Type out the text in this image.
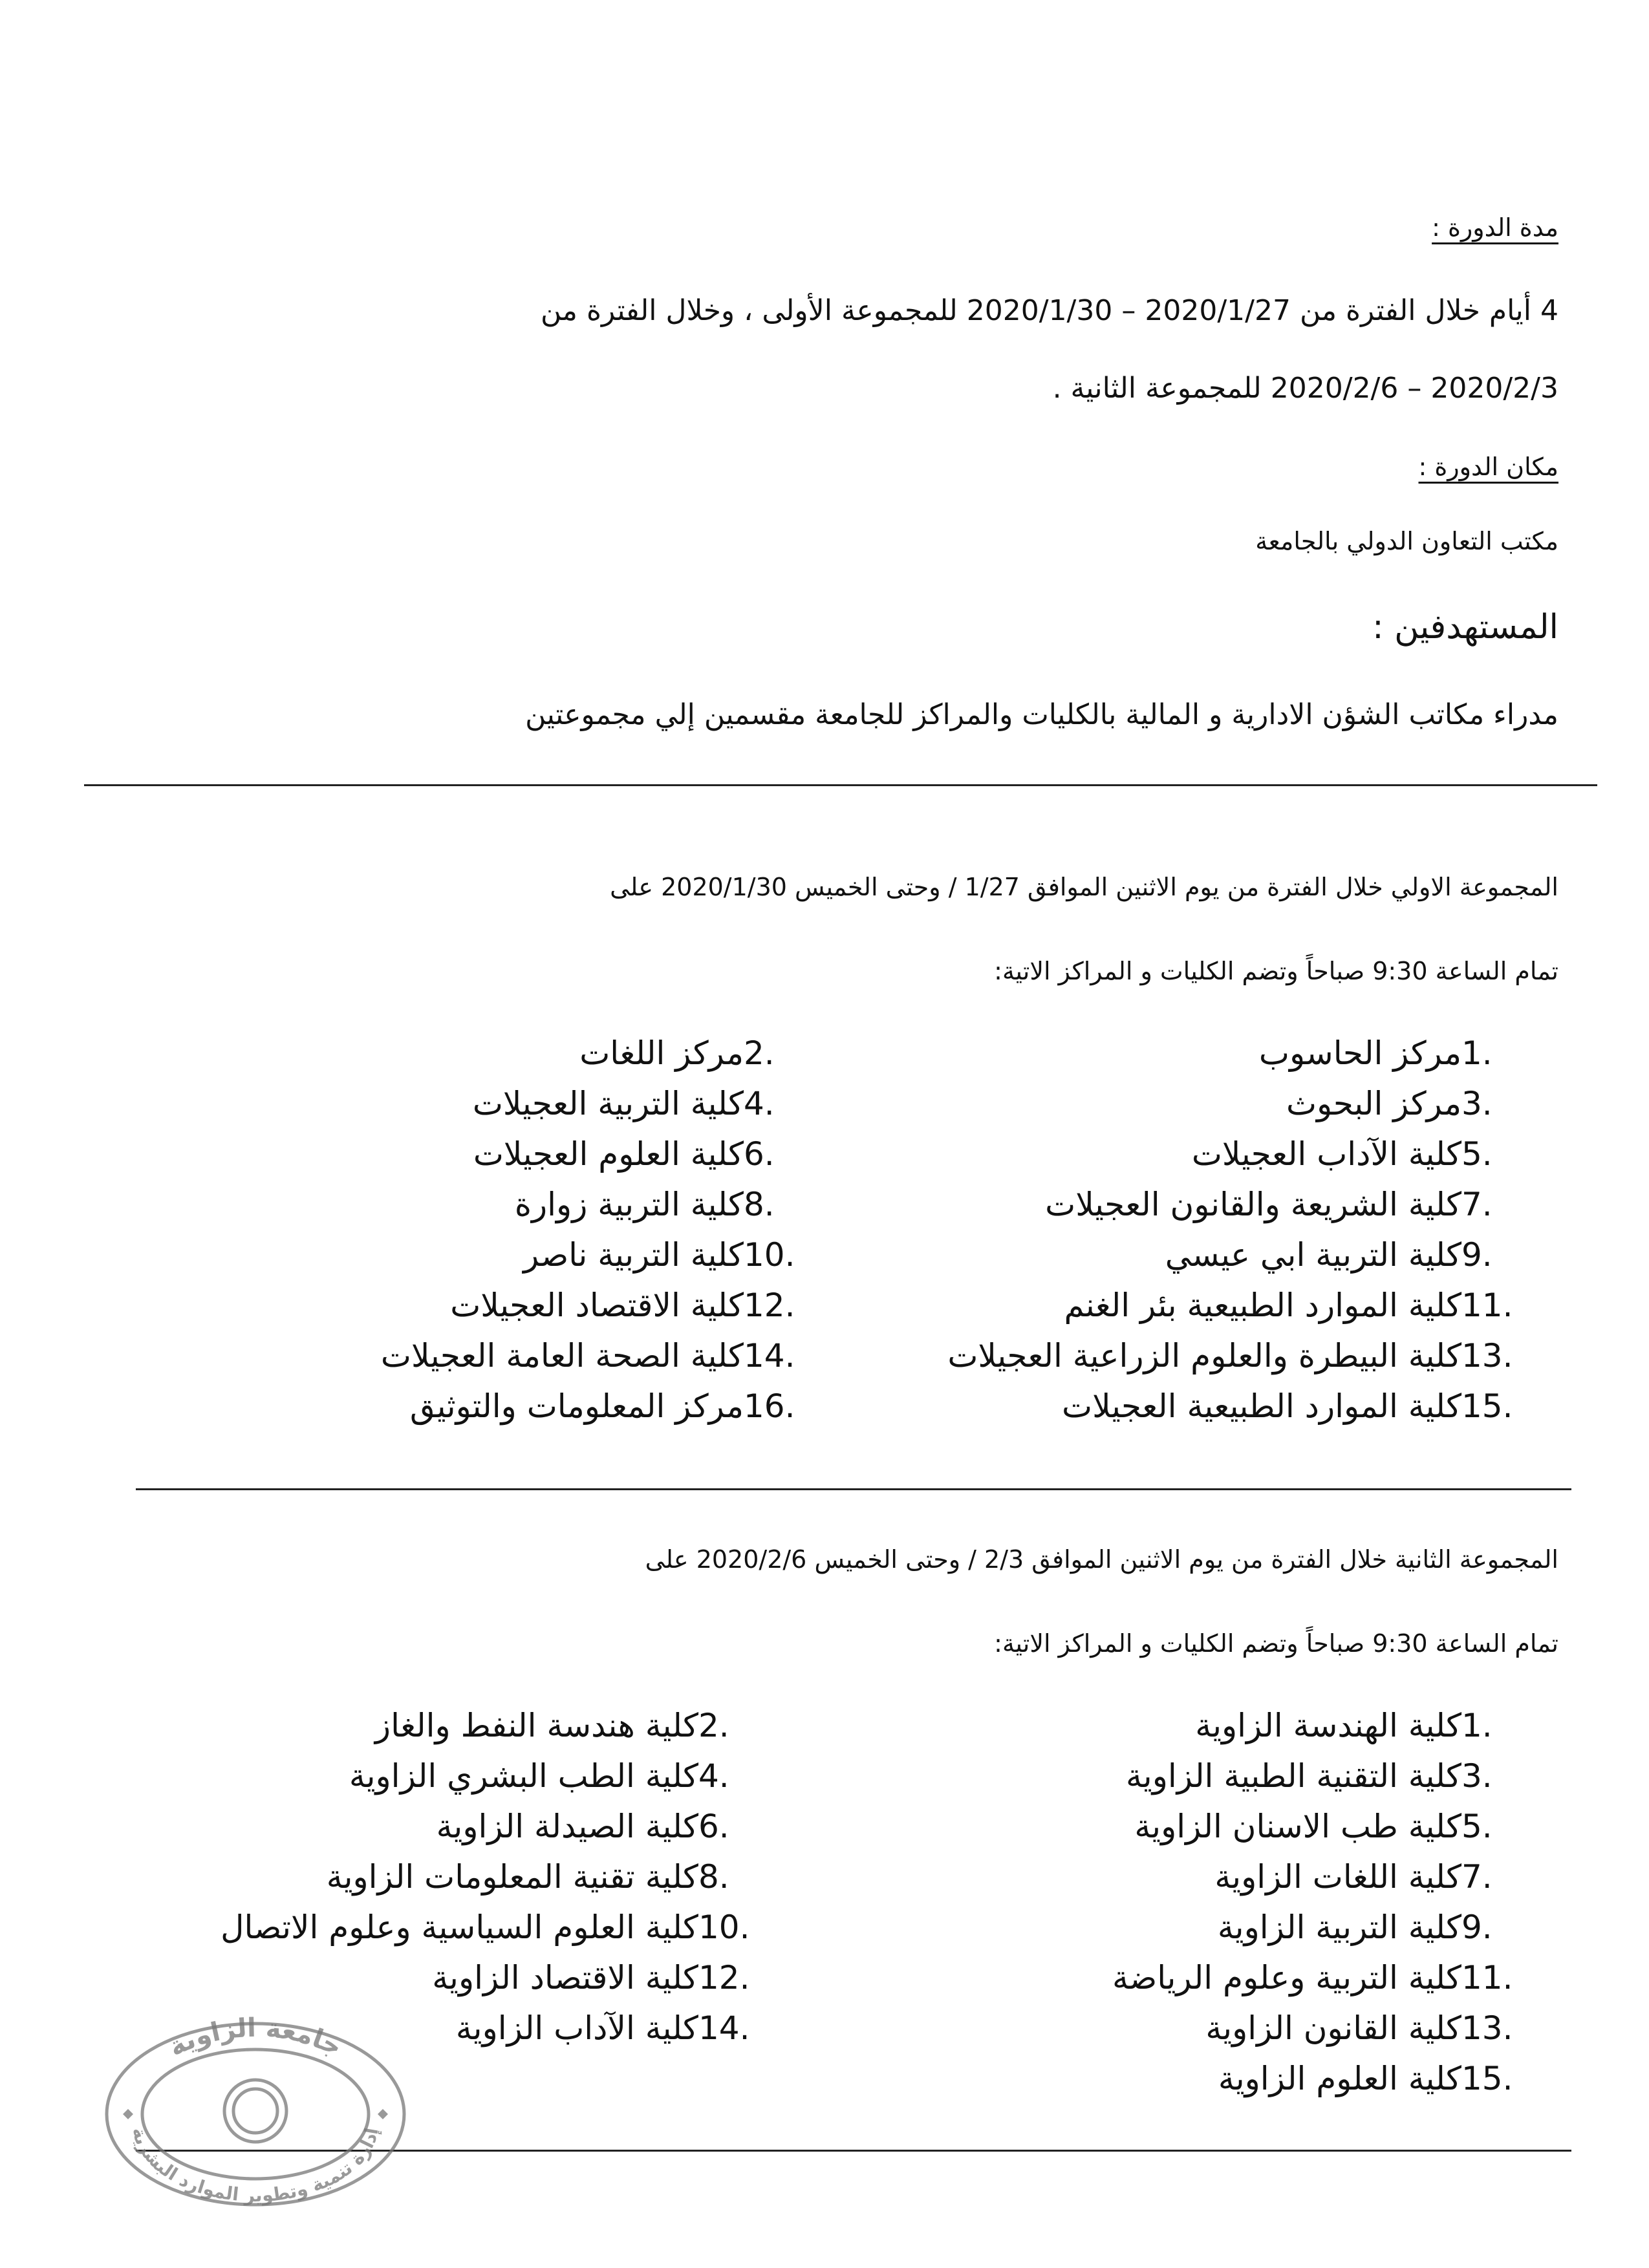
مدة الدورة :
4 أيام خلال الفترة من 2020/1/27 – 2020/1/30 للمجموعة الأولى ، وخلال الفترة من
2020/2/3 – 2020/2/6 للمجموعة الثانية .
مكان الدورة :
مكتب التعاون الدولي بالجامعة
المستهدفين :
مدراء مكاتب الشؤن الادارية و المالية بالكليات والمراكز للجامعة مقسمين إلي مجموعتين
المجموعة الاولي خلال الفترة من يوم الاثنين الموافق 1/27 / وحتى الخميس 2020/1/30 على
تمام الساعة 9:30 صباحاً وتضم الكليات و المراكز الاتية:
1.
مركز الحاسوب
3.
مركز البحوث
5.
كلية الآداب العجيلات
7.
كلية الشريعة والقانون العجيلات
9.
كلية التربية ابي عيسي
11.
كلية الموارد الطبيعية بئر الغنم
13.
كلية البيطرة والعلوم الزراعية العجيلات
15.
كلية الموارد الطبيعية العجيلات
2.
مركز اللغات
4.
كلية التربية العجيلات
6.
كلية العلوم العجيلات
8.
كلية التربية زوارة
10.
كلية التربية ناصر
12.
كلية الاقتصاد العجيلات
14.
كلية الصحة العامة العجيلات
16.
مركز المعلومات والتوثيق
المجموعة الثانية خلال الفترة من يوم الاثنين الموافق 2/3 / وحتى الخميس 2020/2/6 على
تمام الساعة 9:30 صباحاً وتضم الكليات و المراكز الاتية:
1.
كلية الهندسة الزاوية
3.
كلية التقنية الطبية الزاوية
5.
كلية طب الاسنان الزاوية
7.
كلية اللغات الزاوية
9.
كلية التربية الزاوية
11.
كلية التربية وعلوم الرياضة
13.
كلية القانون الزاوية
15.
كلية العلوم الزاوية
2.
كلية هندسة النفط والغاز
4.
كلية الطب البشري الزاوية
6.
كلية الصيدلة الزاوية
8.
كلية تقنية المعلومات الزاوية
10.
كلية العلوم السياسية وعلوم الاتصال
12.
كلية الاقتصاد الزاوية
14.
كلية الآداب الزاوية
جامعة الزاوية
إدارة تنمية وتطوير الموارد البشرية
